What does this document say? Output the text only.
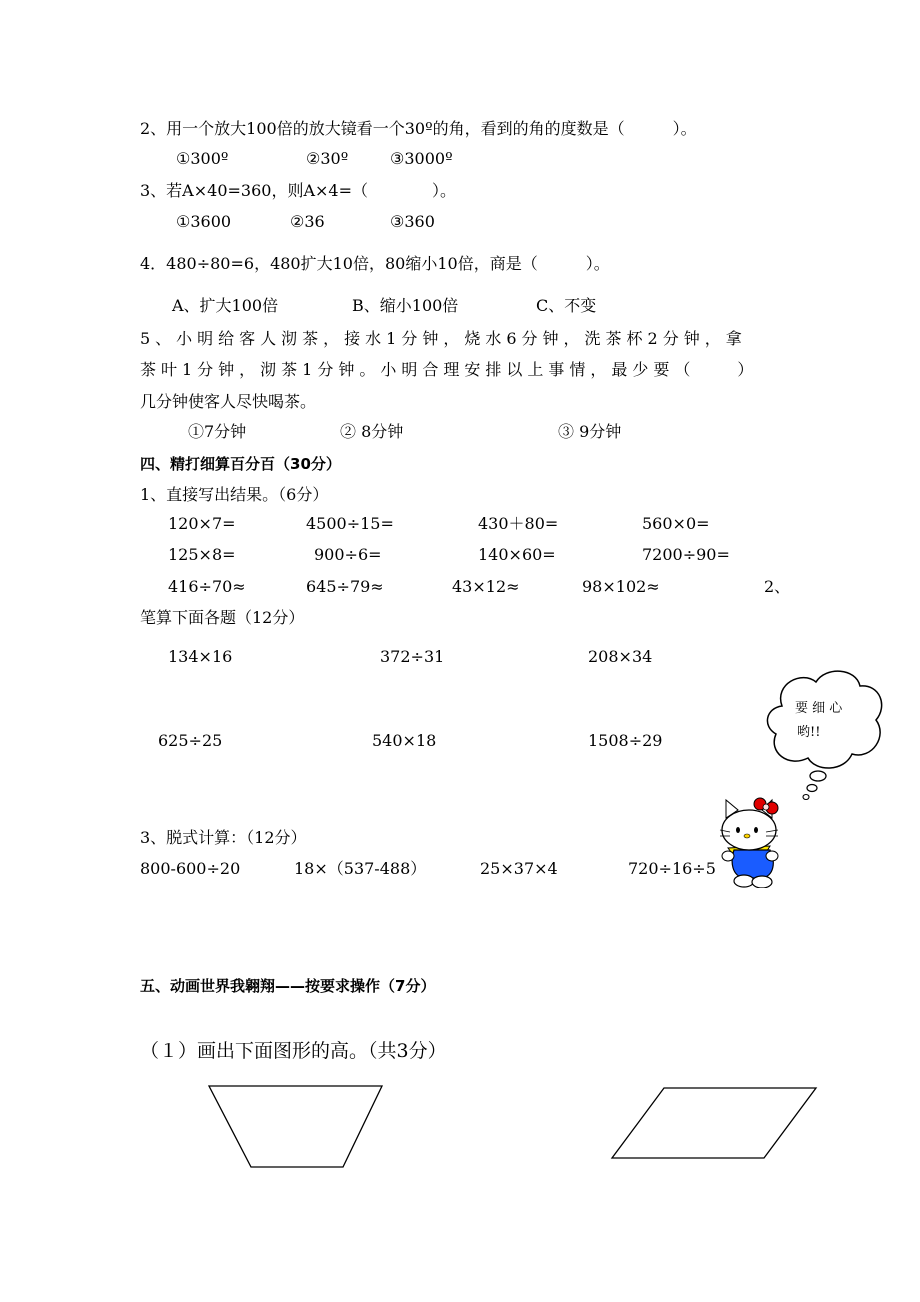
2、用一个放大100倍的放大镜看一个30º的角，看到的角的度数是（　　　）。
①300º	②30º	③3000º
3、若A×40=360，则A×4=（　　　　）。
①3600	②36	③360
4．480÷80=6，480扩大10倍，80缩小10倍，商是（　　　）。
A、扩大100倍	B、缩小100倍	C、不变
5、小明给客人沏茶，接水1分钟，烧水6分钟，洗茶杯2分钟，拿
茶叶1分钟，沏茶1分钟。小明合理安排以上事情，最少要（　　）
几分钟使客人尽快喝茶。
①7分钟	② 8分钟	③ 9分钟
四、精打细算百分百（30分）
1、直接写出结果。（6分）
120×7=	4500÷15=	430＋80=	560×0=
125×8=	900÷6=	140×60=	7200÷90=
416÷70≈	645÷79≈	43×12≈	98×102≈	2、
笔算下面各题（12分）
134×16	372÷31	208×34
625÷25	540×18	1508÷29
要 细 心
哟!!
3、脱式计算：（12分）
800-600÷20	18×（537-488）	25×37×4	720÷16÷5
五、动画世界我翱翔——按要求操作（7分）
（１）画出下面图形的高。（共3分）
